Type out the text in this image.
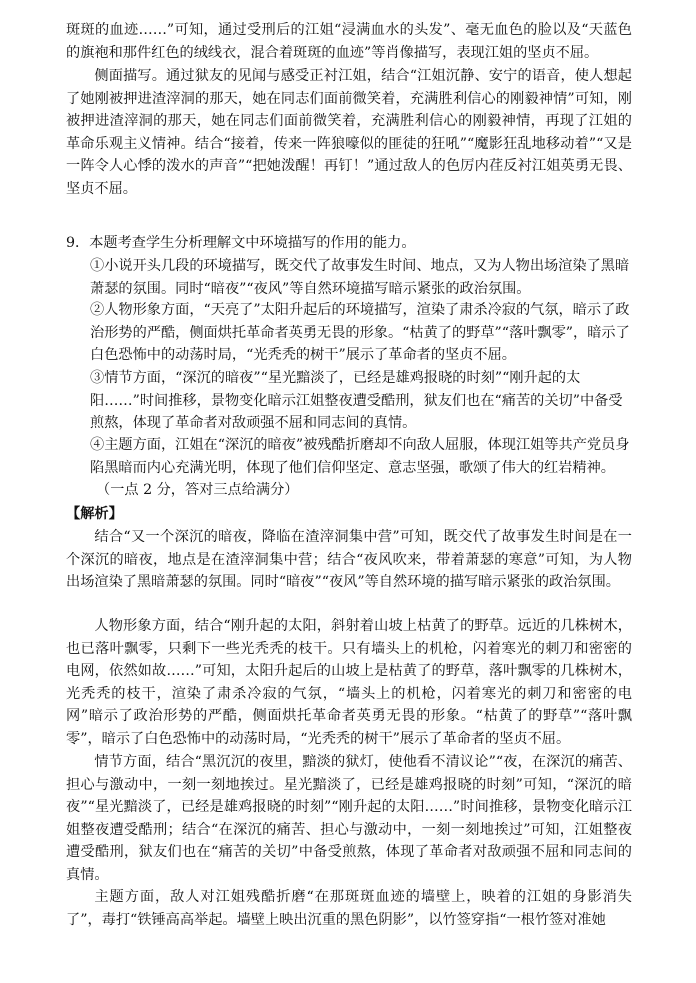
斑斑的血迹……”可知，通过受刑后的江姐“浸满血水的头发”、毫无血色的脸以及“天蓝色的旗袍和那件红色的绒线衣，混合着斑斑的血迹”等肖像描写，表现江姐的坚贞不屈。

侧面描写。通过狱友的见闻与感受正衬江姐，结合“江姐沉静、安宁的语音，使人想起了她刚被押进渣滓洞的那天，她在同志们面前微笑着，充满胜利信心的刚毅神情”可知，刚被押进渣滓洞的那天，她在同志们面前微笑着，充满胜利信心的刚毅神情，再现了江姐的革命乐观主义情神。结合“接着，传来一阵狼嚎似的匪徒的狂吼”“魔影狂乱地移动着”“又是一阵令人心悸的泼水的声音”“把她泼醒！再钉！”通过敌人的色厉内荏反衬江姐英勇无畏、坚贞不屈。

9．本题考查学生分析理解文中环境描写的作用的能力。

①小说开头几段的环境描写，既交代了故事发生时间、地点，又为人物出场渲染了黑暗萧瑟的氛围。同时“暗夜”“夜风”等自然环境描写暗示紧张的政治氛围。

②人物形象方面，“天亮了”太阳升起后的环境描写，渲染了肃杀冷寂的气氛，暗示了政治形势的严酷，侧面烘托革命者英勇无畏的形象。“枯黄了的野草”“落叶飘零”，暗示了白色恐怖中的动荡时局，“光秃秃的树干”展示了革命者的坚贞不屈。

③情节方面，“深沉的暗夜”“星光黯淡了，已经是雄鸡报晓的时刻”“刚升起的太阳……”时间推移，景物变化暗示江姐整夜遭受酷刑，狱友们也在“痛苦的关切”中备受煎熬，体现了革命者对敌顽强不屈和同志间的真情。

④主题方面，江姐在“深沉的暗夜”被残酷折磨却不向敌人屈服，体现江姐等共产党员身陷黑暗而内心充满光明，体现了他们信仰坚定、意志坚强，歌颂了伟大的红岩精神。

（一点 2 分，答对三点给满分）

【解析】

结合“又一个深沉的暗夜，降临在渣滓洞集中营”可知，既交代了故事发生时间是在一个深沉的暗夜，地点是在渣滓洞集中营；结合“夜风吹来，带着萧瑟的寒意”可知，为人物出场渲染了黑暗萧瑟的氛围。同时“暗夜”“夜风”等自然环境的描写暗示紧张的政治氛围。

人物形象方面，结合“刚升起的太阳，斜射着山坡上枯黄了的野草。远近的几株树木，也已落叶飘零，只剩下一些光秃秃的枝干。只有墙头上的机枪，闪着寒光的刺刀和密密的电网，依然如故……”可知，太阳升起后的山坡上是枯黄了的野草，落叶飘零的几株树木，光秃秃的枝干，渲染了肃杀冷寂的气氛，“墙头上的机枪，闪着寒光的刺刀和密密的电网”暗示了政治形势的严酷，侧面烘托革命者英勇无畏的形象。“枯黄了的野草”“落叶飘零”，暗示了白色恐怖中的动荡时局，“光秃秃的树干”展示了革命者的坚贞不屈。

情节方面，结合“黑沉沉的夜里，黯淡的狱灯，使他看不清议论”“夜，在深沉的痛苦、担心与激动中，一刻一刻地挨过。星光黯淡了，已经是雄鸡报晓的时刻”可知，“深沉的暗夜”“星光黯淡了，已经是雄鸡报晓的时刻”“刚升起的太阳……”时间推移，景物变化暗示江姐整夜遭受酷刑；结合“在深沉的痛苦、担心与激动中，一刻一刻地挨过”可知，江姐整夜遭受酷刑，狱友们也在“痛苦的关切”中备受煎熬，体现了革命者对敌顽强不屈和同志间的真情。

主题方面，敌人对江姐残酷折磨“在那斑斑血迹的墙壁上，映着的江姐的身影消失了”，毒打“铁锤高高举起。墙壁上映出沉重的黑色阴影”，以竹签穿指“一根竹签对准她
